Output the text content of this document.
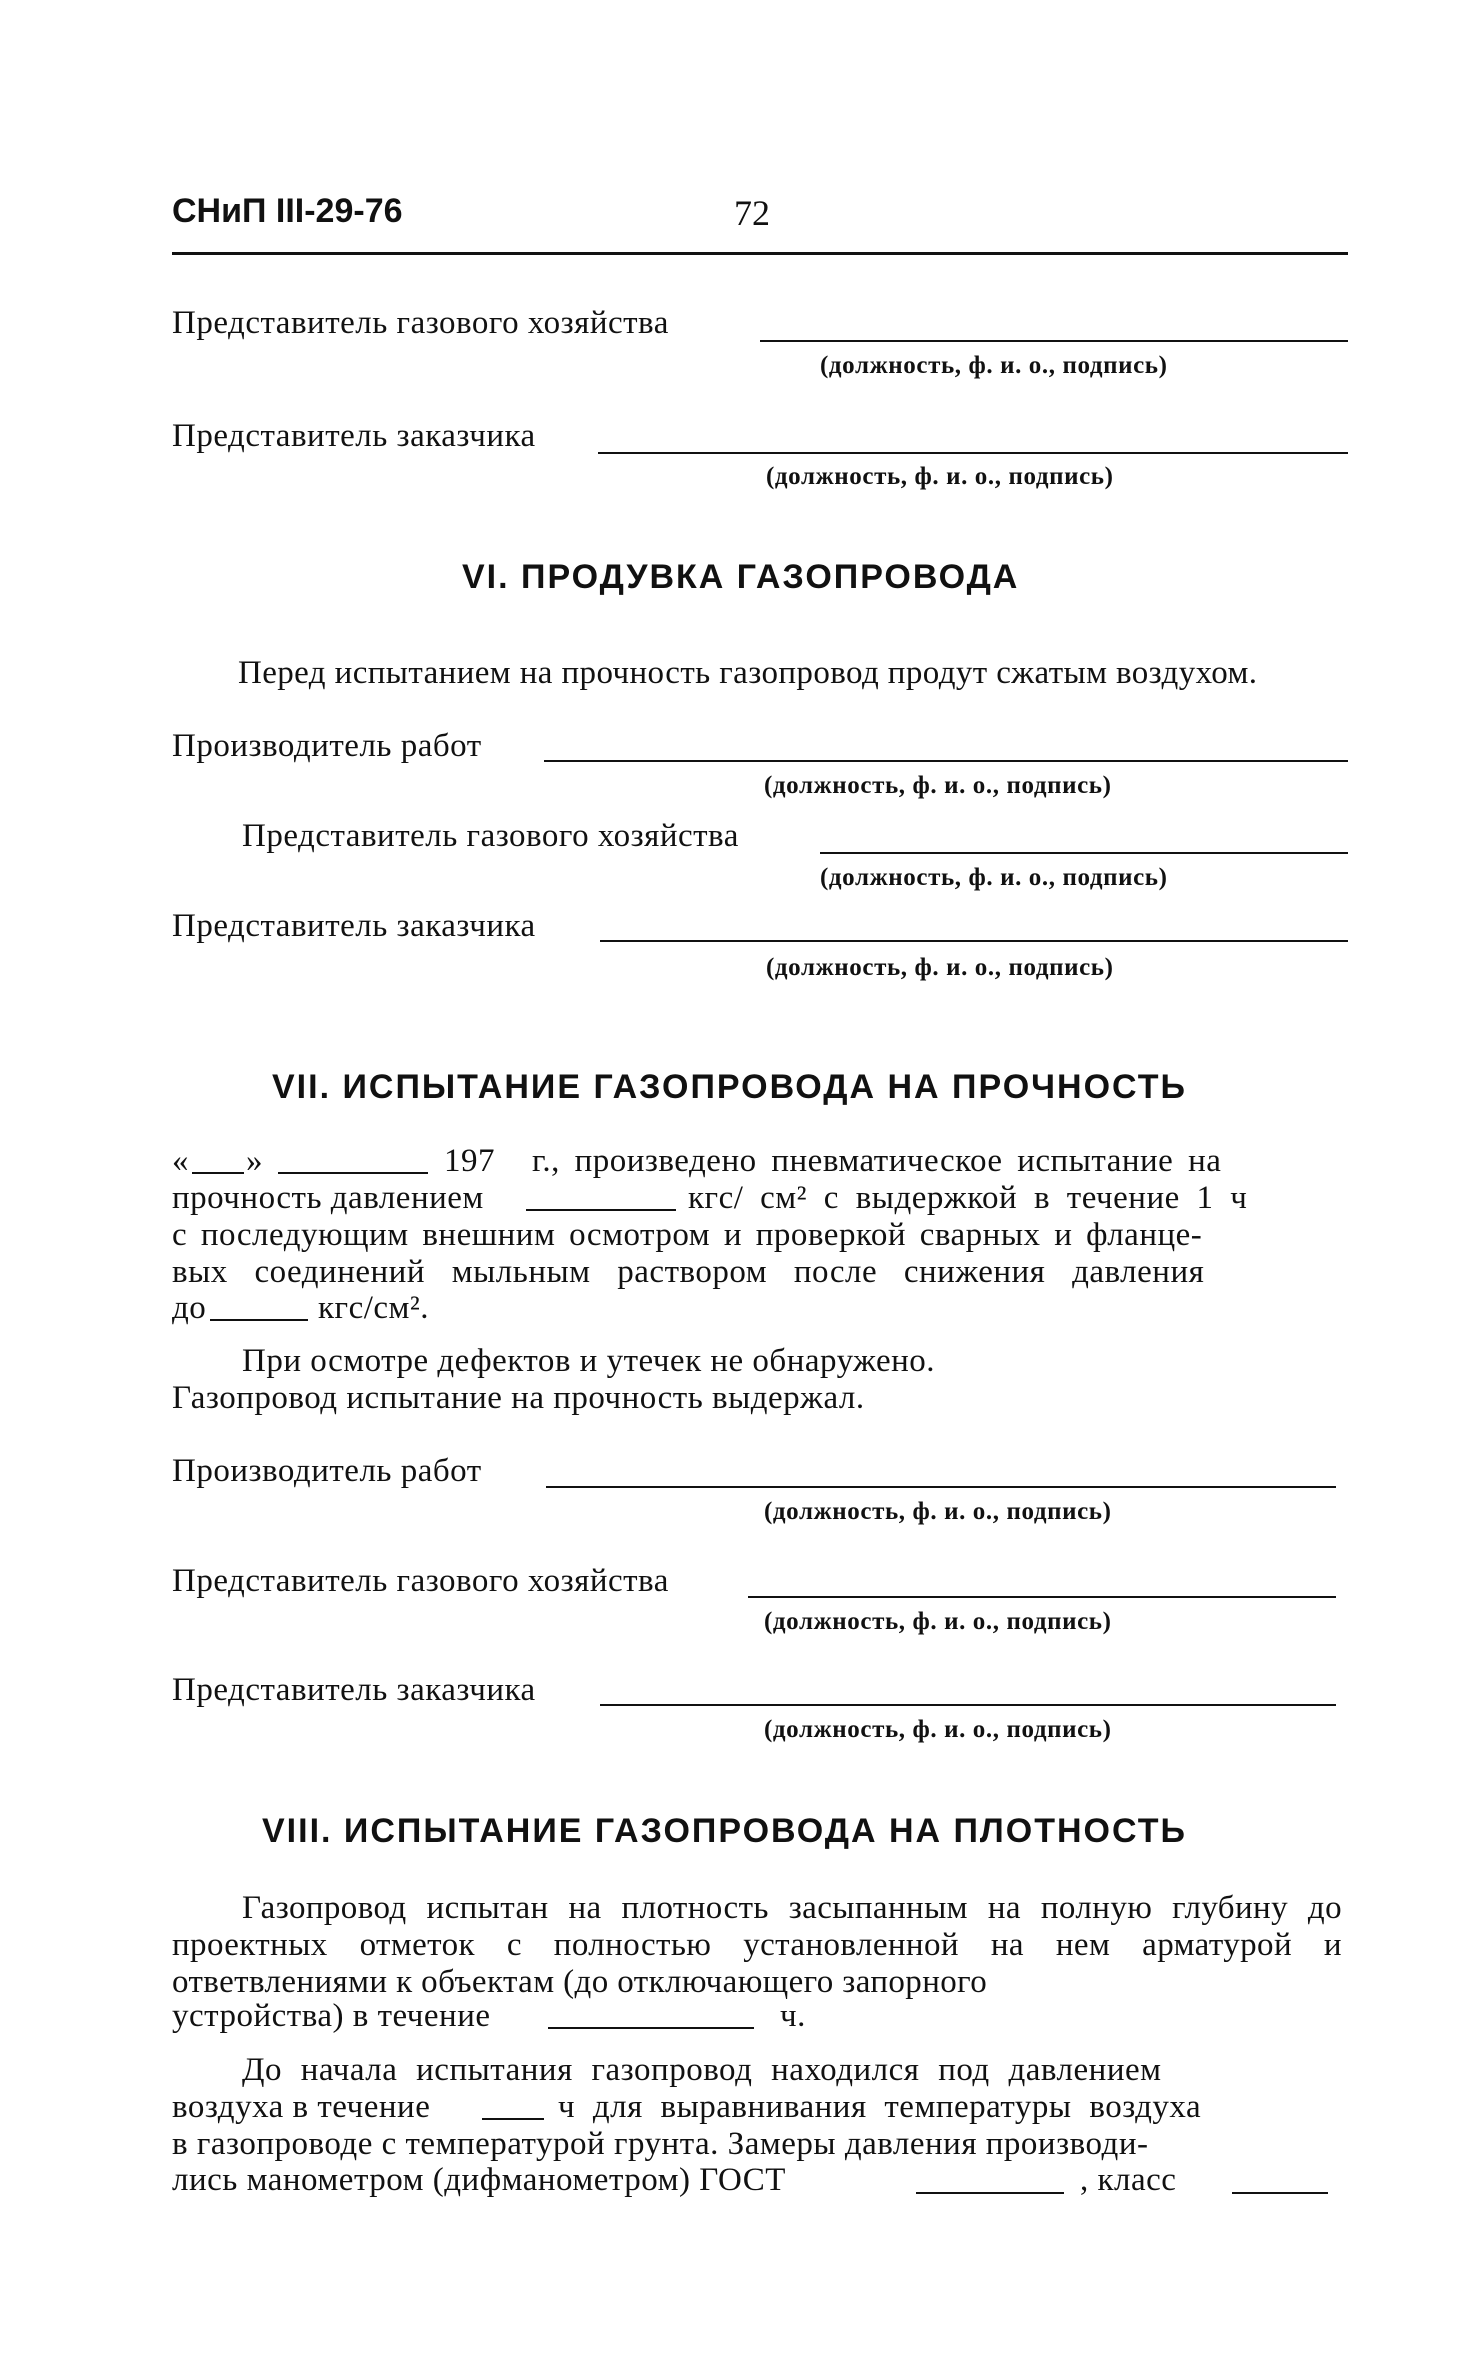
СНиП III-29-76	72
Представитель газового хозяйства
(должность, ф. и. о., подпись)
Представитель заказчика
(должность, ф. и. о., подпись)
VI. ПРОДУВКА ГАЗОПРОВОДА
Перед испытанием на прочность газопровод продут сжатым воздухом.
Производитель работ
(должность, ф. и. о., подпись)
Представитель газового хозяйства
(должность, ф. и. о., подпись)
Представитель заказчика
(должность, ф. и. о., подпись)
VII. ИСПЫТАНИЕ ГАЗОПРОВОДА НА ПРОЧНОСТЬ
« »	197 г., произведено пневматическое испытание на
прочность давлением	кгс/ см² с выдержкой в течение 1 ч
с последующим внешним осмотром и проверкой сварных и фланце-
вых соединений мыльным раствором после снижения давления
до	кгс/см².
При осмотре дефектов и утечек не обнаружено.
Газопровод испытание на прочность выдержал.
Производитель работ
(должность, ф. и. о., подпись)
Представитель газового хозяйства
(должность, ф. и. о., подпись)
Представитель заказчика
(должность, ф. и. о., подпись)
VIII. ИСПЫТАНИЕ ГАЗОПРОВОДА НА ПЛОТНОСТЬ
Газопровод испытан на плотность засыпанным на полную глубину до проектных отметок с полностью установленной на нем арматурой и ответвлениями к объектам (до отключающего запорного
устройства) в течение	ч.
До начала испытания газопровод находился под давлением
воздуха в течение	ч для выравнивания температуры воздуха
в газопроводе с температурой грунта. Замеры давления производи-
лись манометром (дифманометром) ГОСТ	, класс
